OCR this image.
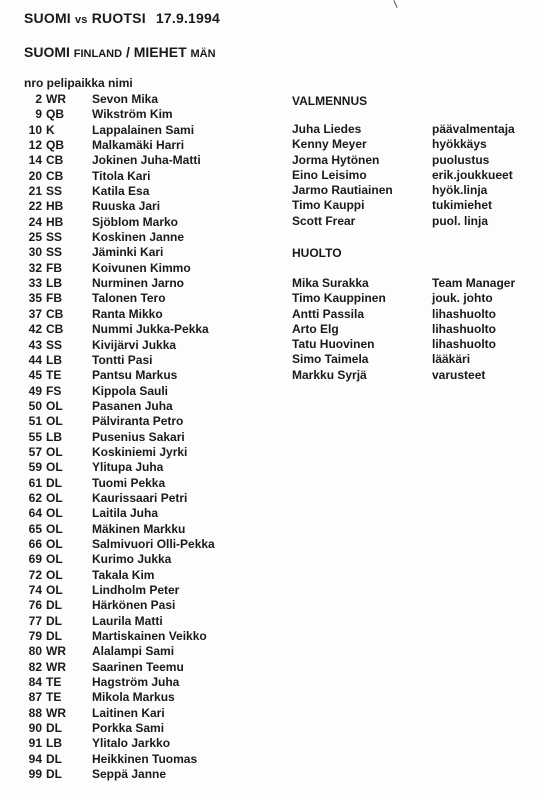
SUOMI vs RUOTSI 17.9.1994
SUOMI FINLAND / MIEHET MÄN
nro pelipaikka nimi
2 WR Sevon Mika
9 QB Wikström Kim
10 K	Lappalainen Sami
12 QB Malkamäki Harri
14 CB Jokinen Juha-Matti
20 CB Titola Kari
21 SS Katila Esa
22 HB Ruuska Jari
24 HB Sjöblom Marko
25 SS Koskinen Janne
30 SS Jäminki Kari
32 FB	Koivunen Kimmo
33 LB	Nurminen Jarno
35 FB	Talonen Tero
37 CB Ranta Mikko
42 CB Nummi Jukka-Pekka
43 SS Kivijärvi Jukka
44 LB	Tontti Pasi
45 TE	Pantsu Markus
49 FS	Kippola Sauli
50 OL Pasanen Juha
51 OL Pälviranta Petro
55 LB	Pusenius Sakari
57 OL Koskiniemi Jyrki
59 OL Ylitupa Juha
61 DL	Tuomi Pekka
62 OL Kaurissaari Petri
64 OL Laitila Juha
65 OL Mäkinen Markku
66 OL Salmivuori Olli-Pekka
69 OL Kurimo Jukka
72 OL Takala Kim
74 OL Lindholm Peter
76 DL	Härkönen Pasi
77 DL	Laurila Matti
79 DL	Martiskainen Veikko
80 WR Alalampi Sami
82 WR Saarinen Teemu
84 TE	Hagström Juha
87 TE	Mikola Markus
88 WR Laitinen Kari
90 DL	Porkka Sami
91 LB	Ylitalo Jarkko
94 DL	Heikkinen Tuomas
99 DL	Seppä Janne
VALMENNUS
Juha Liedes	päävalmentaja
Kenny Meyer	hyökkäys
Jorma Hytönen	puolustus
Eino Leisimo	erik.joukkueet
Jarmo Rautiainen	hyök.linja
Timo Kauppi	tukimiehet
Scott Frear	puol. linja
HUOLTO
Mika Surakka	Team Manager
Timo Kauppinen	jouk. johto
Antti Passila	lihashuolto
Arto Elg	lihashuolto
Tatu Huovinen	lihashuolto
Simo Taimela	lääkäri
Markku Syrjä	varusteet
